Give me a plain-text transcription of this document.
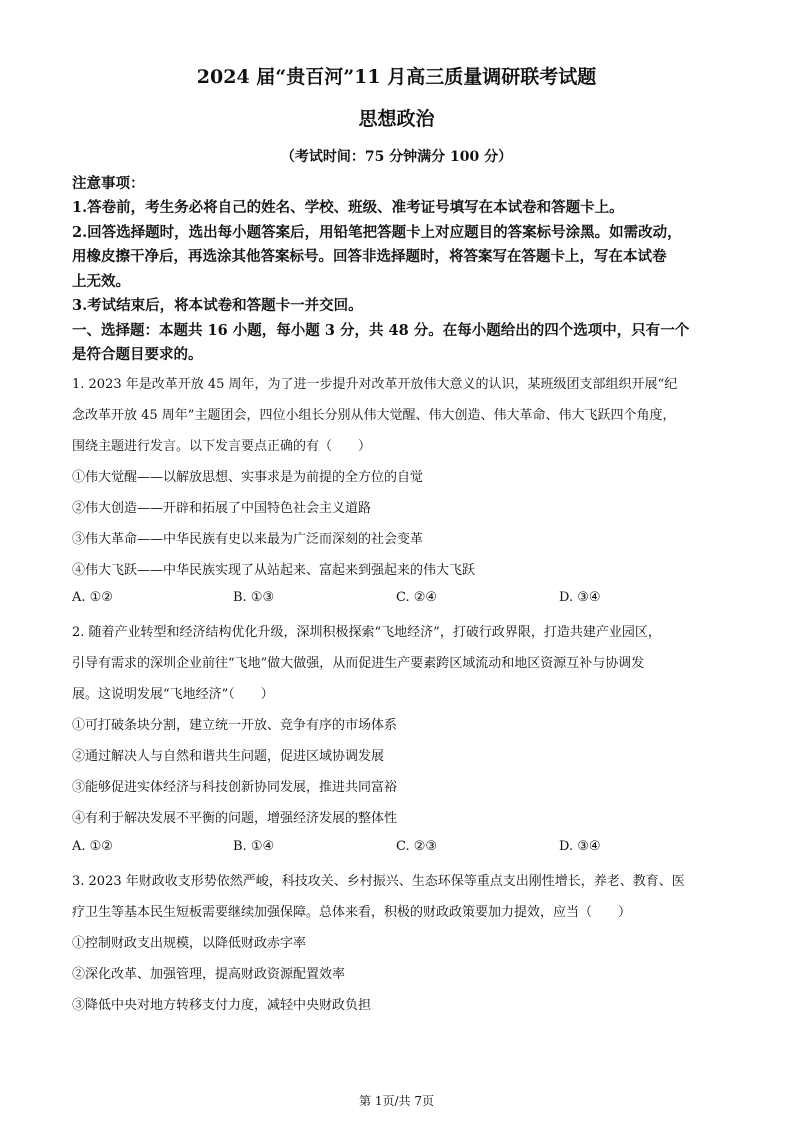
2024 届“贵百河”11 月高三质量调研联考试题
思想政治
（考试时间：75 分钟满分 100 分）
注意事项：
1.答卷前，考生务必将自己的姓名、学校、班级、准考证号填写在本试卷和答题卡上。
2.回答选择题时，选出每小题答案后，用铅笔把答题卡上对应题目的答案标号涂黑。如需改动，
用橡皮擦干净后，再选涂其他答案标号。回答非选择题时，将答案写在答题卡上，写在本试卷
上无效。
3.考试结束后，将本试卷和答题卡一并交回。
一、选择题：本题共 16 小题，每小题 3 分，共 48 分。在每小题给出的四个选项中，只有一个
是符合题目要求的。
1. 2023 年是改革开放 45 周年，为了进一步提升对改革开放伟大意义的认识，某班级团支部组织开展“纪
念改革开放 45 周年”主题团会，四位小组长分别从伟大觉醒、伟大创造、伟大革命、伟大飞跃四个角度，
围绕主题进行发言。以下发言要点正确的有（　　）
①伟大觉醒——以解放思想、实事求是为前提的全方位的自觉
②伟大创造——开辟和拓展了中国特色社会主义道路
③伟大革命——中华民族有史以来最为广泛而深刻的社会变革
④伟大飞跃——中华民族实现了从站起来、富起来到强起来的伟大飞跃
A. ①②	B. ①③	C. ②④	D. ③④
2. 随着产业转型和经济结构优化升级，深圳积极探索“飞地经济”，打破行政界限，打造共建产业园区，
引导有需求的深圳企业前往“飞地”做大做强，从而促进生产要素跨区域流动和地区资源互补与协调发
展。这说明发展“飞地经济”（　　）
①可打破条块分割，建立统一开放、竞争有序的市场体系
②通过解决人与自然和谐共生问题，促进区域协调发展
③能够促进实体经济与科技创新协同发展，推进共同富裕
④有利于解决发展不平衡的问题，增强经济发展的整体性
A. ①②	B. ①④	C. ②③	D. ③④
3. 2023 年财政收支形势依然严峻，科技攻关、乡村振兴、生态环保等重点支出刚性增长，养老、教育、医
疗卫生等基本民生短板需要继续加强保障。总体来看，积极的财政政策要加力提效，应当（　　）
①控制财政支出规模，以降低财政赤字率
②深化改革、加强管理，提高财政资源配置效率
③降低中央对地方转移支付力度，减轻中央财政负担
第 1页/共 7页
